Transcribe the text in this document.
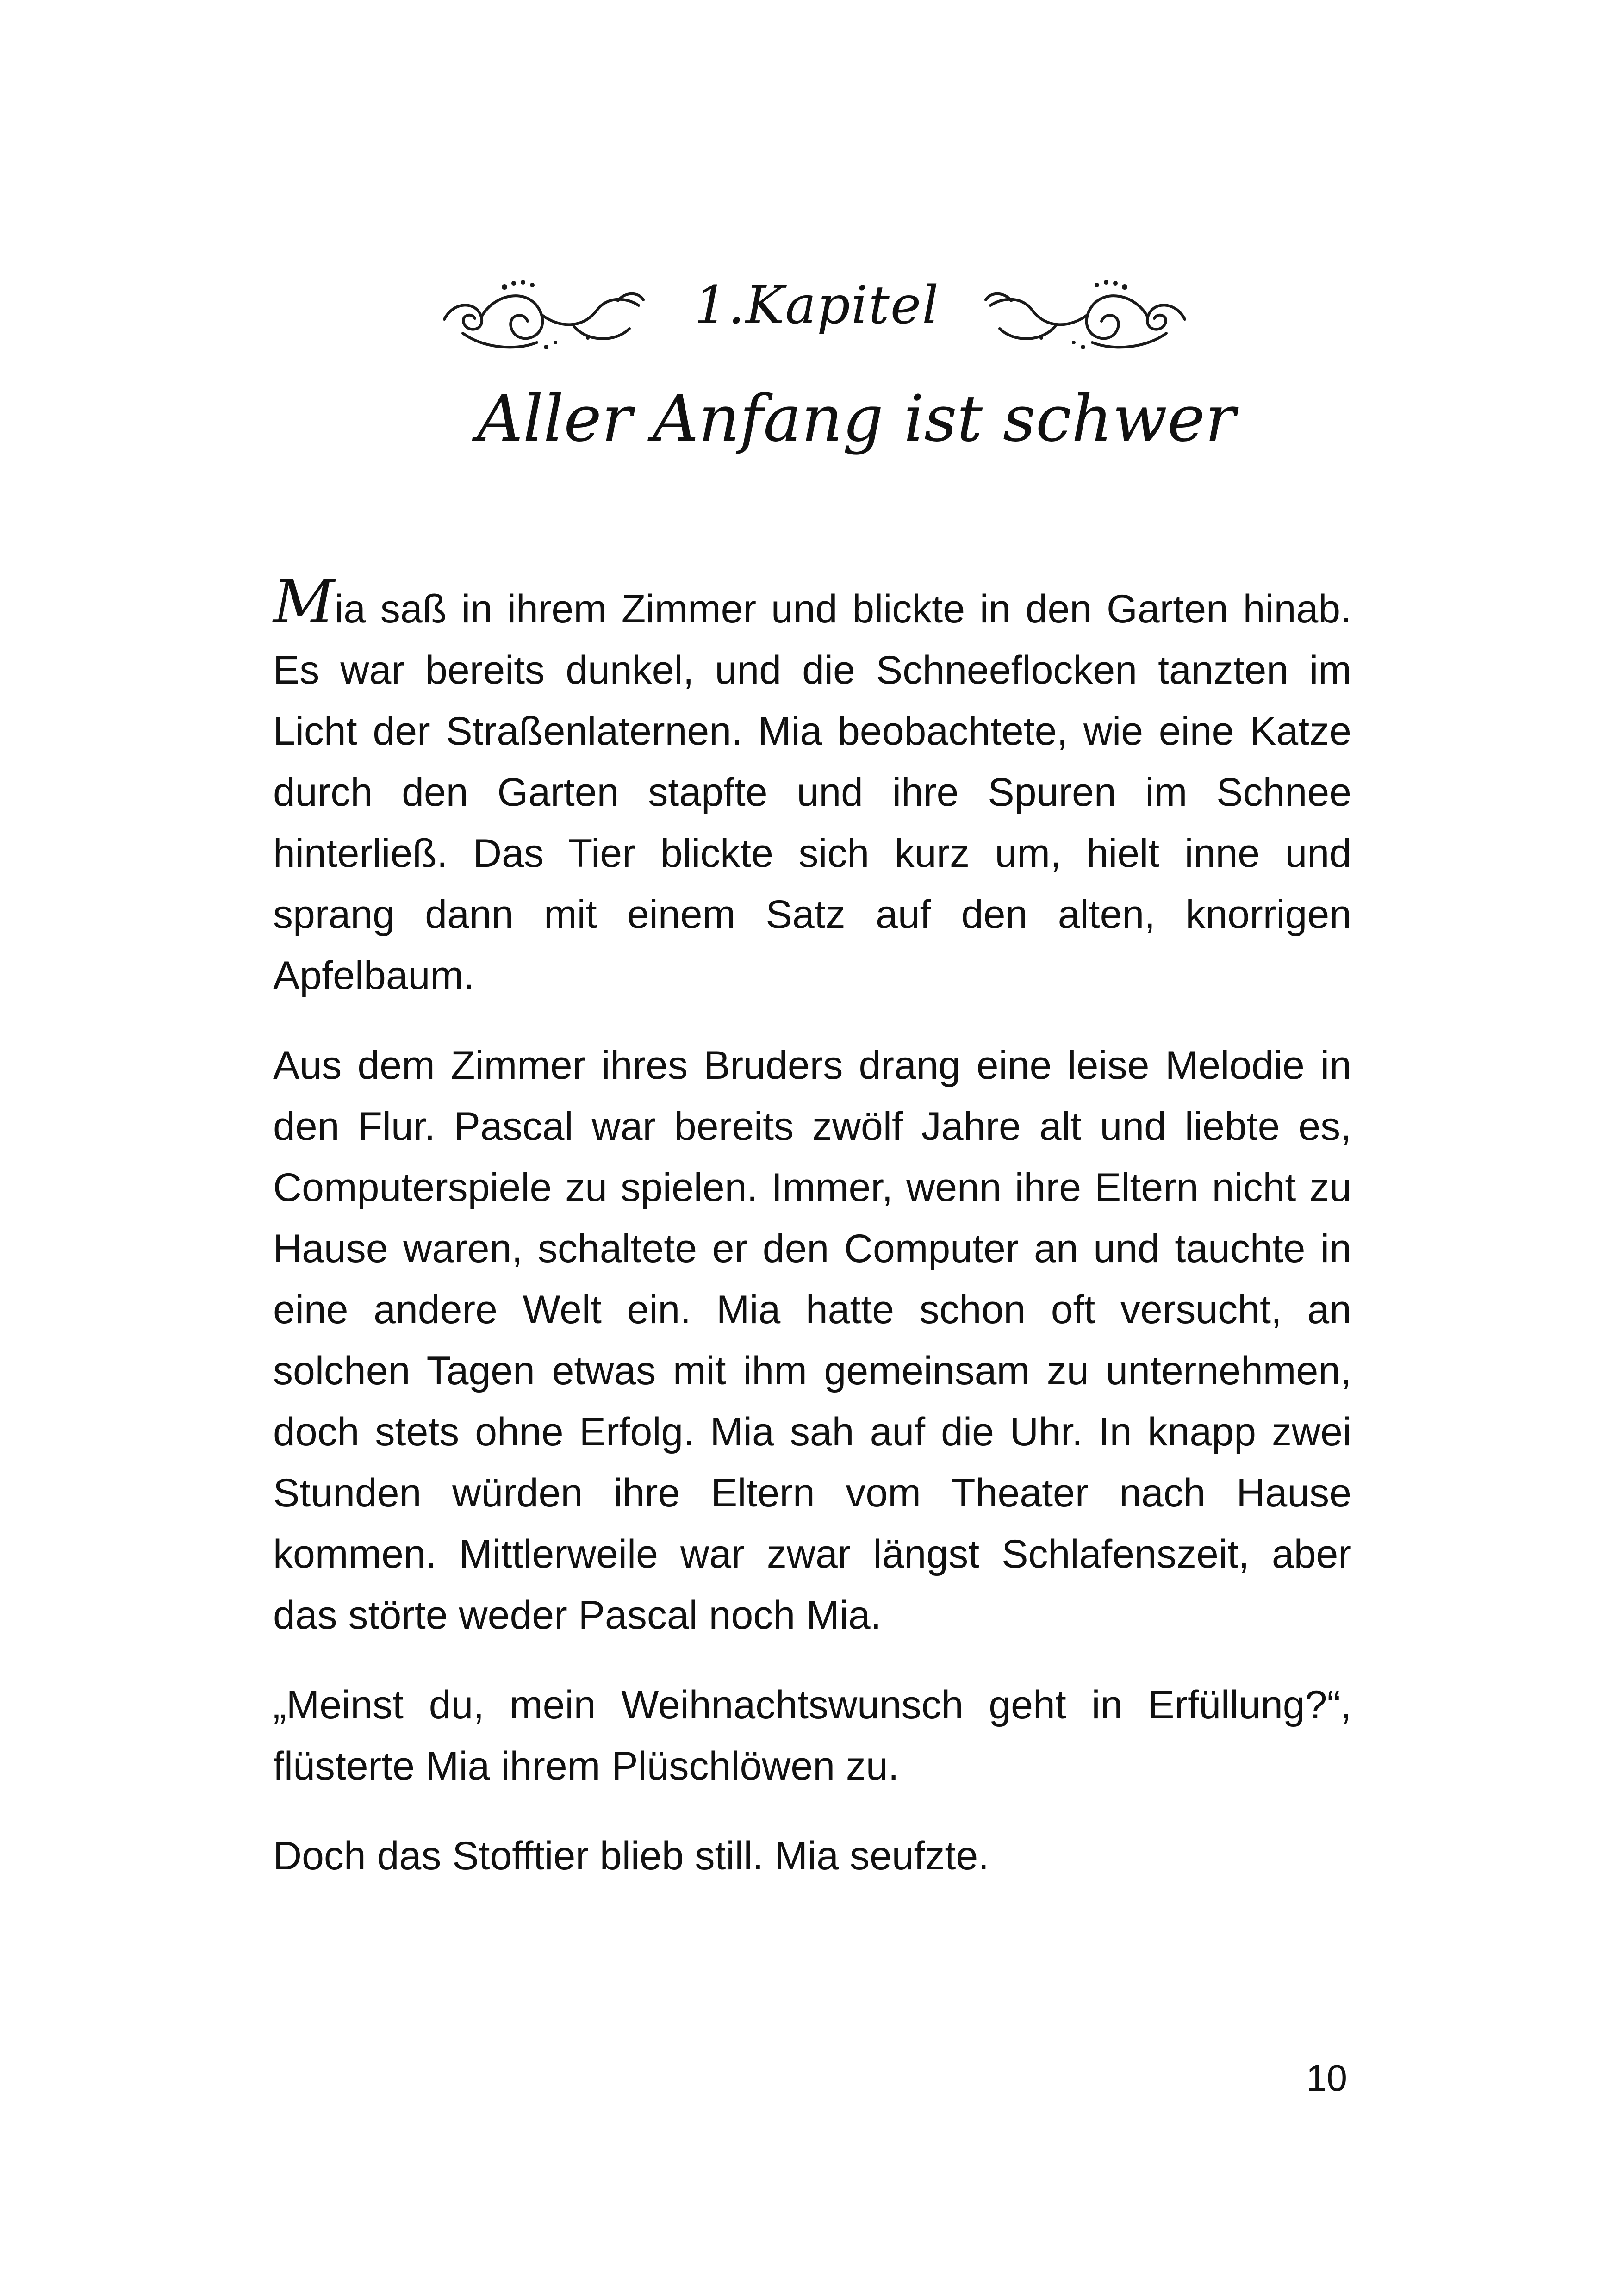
1.Kapitel
Aller Anfang ist schwer

Mia saß in ihrem Zimmer und blickte in den Garten hinab. Es war bereits dunkel, und die Schneeflocken tanzten im Licht der Straßenlaternen. Mia beobachtete, wie eine Katze durch den Garten stapfte und ihre Spuren im Schnee hinterließ. Das Tier blickte sich kurz um, hielt inne und sprang dann mit einem Satz auf den alten, knorrigen Apfelbaum.

Aus dem Zimmer ihres Bruders drang eine leise Melodie in den Flur. Pascal war bereits zwölf Jahre alt und liebte es, Computerspiele zu spielen. Immer, wenn ihre Eltern nicht zu Hause waren, schaltete er den Computer an und tauchte in eine andere Welt ein. Mia hatte schon oft versucht, an solchen Tagen etwas mit ihm gemeinsam zu unternehmen, doch stets ohne Erfolg. Mia sah auf die Uhr. In knapp zwei Stunden würden ihre Eltern vom Theater nach Hause kommen. Mittlerweile war zwar längst Schlafenszeit, aber das störte weder Pascal noch Mia.

„Meinst du, mein Weihnachtswunsch geht in Erfüllung?“, flüsterte Mia ihrem Plüschlöwen zu.

Doch das Stofftier blieb still. Mia seufzte.

10
